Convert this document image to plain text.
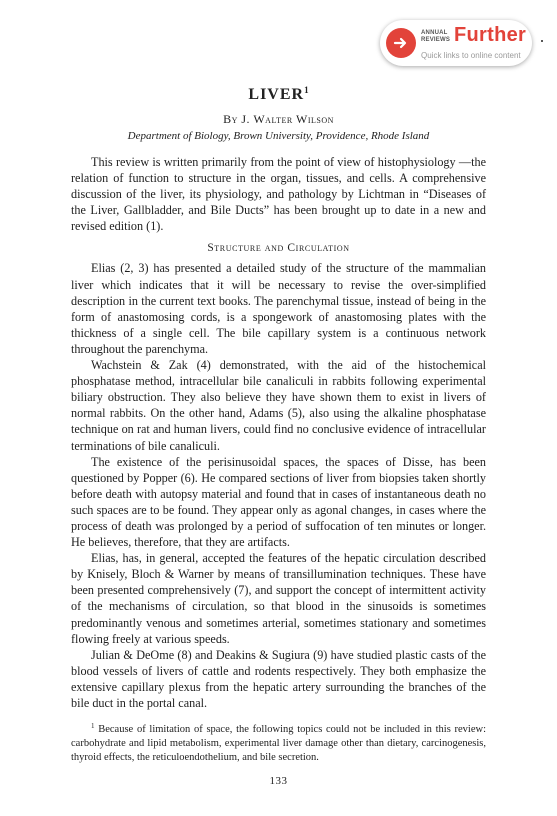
ANNUAL
REVIEWS Further
Quick links to online content
LIVER$^1$
By J. Walter Wilson
Department of Biology, Brown University, Providence, Rhode Island

This review is written primarily from the point of view of histophysiology —the relation of function to structure in the organ, tissues, and cells. A comprehensive discussion of the liver, its physiology, and pathology by Lichtman in “Diseases of the Liver, Gallbladder, and Bile Ducts” has been brought up to date in a new and revised edition (1).

Structure and Circulation

Elias (2, 3) has presented a detailed study of the structure of the mammalian liver which indicates that it will be necessary to revise the over-simplified description in the current text books. The parenchymal tissue, instead of being in the form of anastomosing cords, is a spongework of anastomosing plates with the thickness of a single cell. The bile capillary system is a continuous network throughout the parenchyma.

Wachstein & Zak (4) demonstrated, with the aid of the histochemical phosphatase method, intracellular bile canaliculi in rabbits following experimental biliary obstruction. They also believe they have shown them to exist in livers of normal rabbits. On the other hand, Adams (5), also using the alkaline phosphatase technique on rat and human livers, could find no conclusive evidence of intracellular terminations of bile canaliculi.

The existence of the perisinusoidal spaces, the spaces of Disse, has been questioned by Popper (6). He compared sections of liver from biopsies taken shortly before death with autopsy material and found that in cases of instantaneous death no such spaces are to be found. They appear only as agonal changes, in cases where the process of death was prolonged by a period of suffocation of ten minutes or longer. He believes, therefore, that they are artifacts.

Elias, has, in general, accepted the features of the hepatic circulation described by Knisely, Bloch & Warner by means of transillumination techniques. These have been presented comprehensively (7), and support the concept of intermittent activity of the mechanisms of circulation, so that blood in the sinusoids is sometimes predominantly venous and sometimes arterial, sometimes stationary and sometimes flowing freely at various speeds.

Julian & DeOme (8) and Deakins & Sugiura (9) have studied plastic casts of the blood vessels of livers of cattle and rodents respectively. They both emphasize the extensive capillary plexus from the hepatic artery surrounding the branches of the bile duct in the portal canal.

$^1$ Because of limitation of space, the following topics could not be included in this review: carbohydrate and lipid metabolism, experimental liver damage other than dietary, carcinogenesis, thyroid effects, the reticuloendothelium, and bile secretion.
133
